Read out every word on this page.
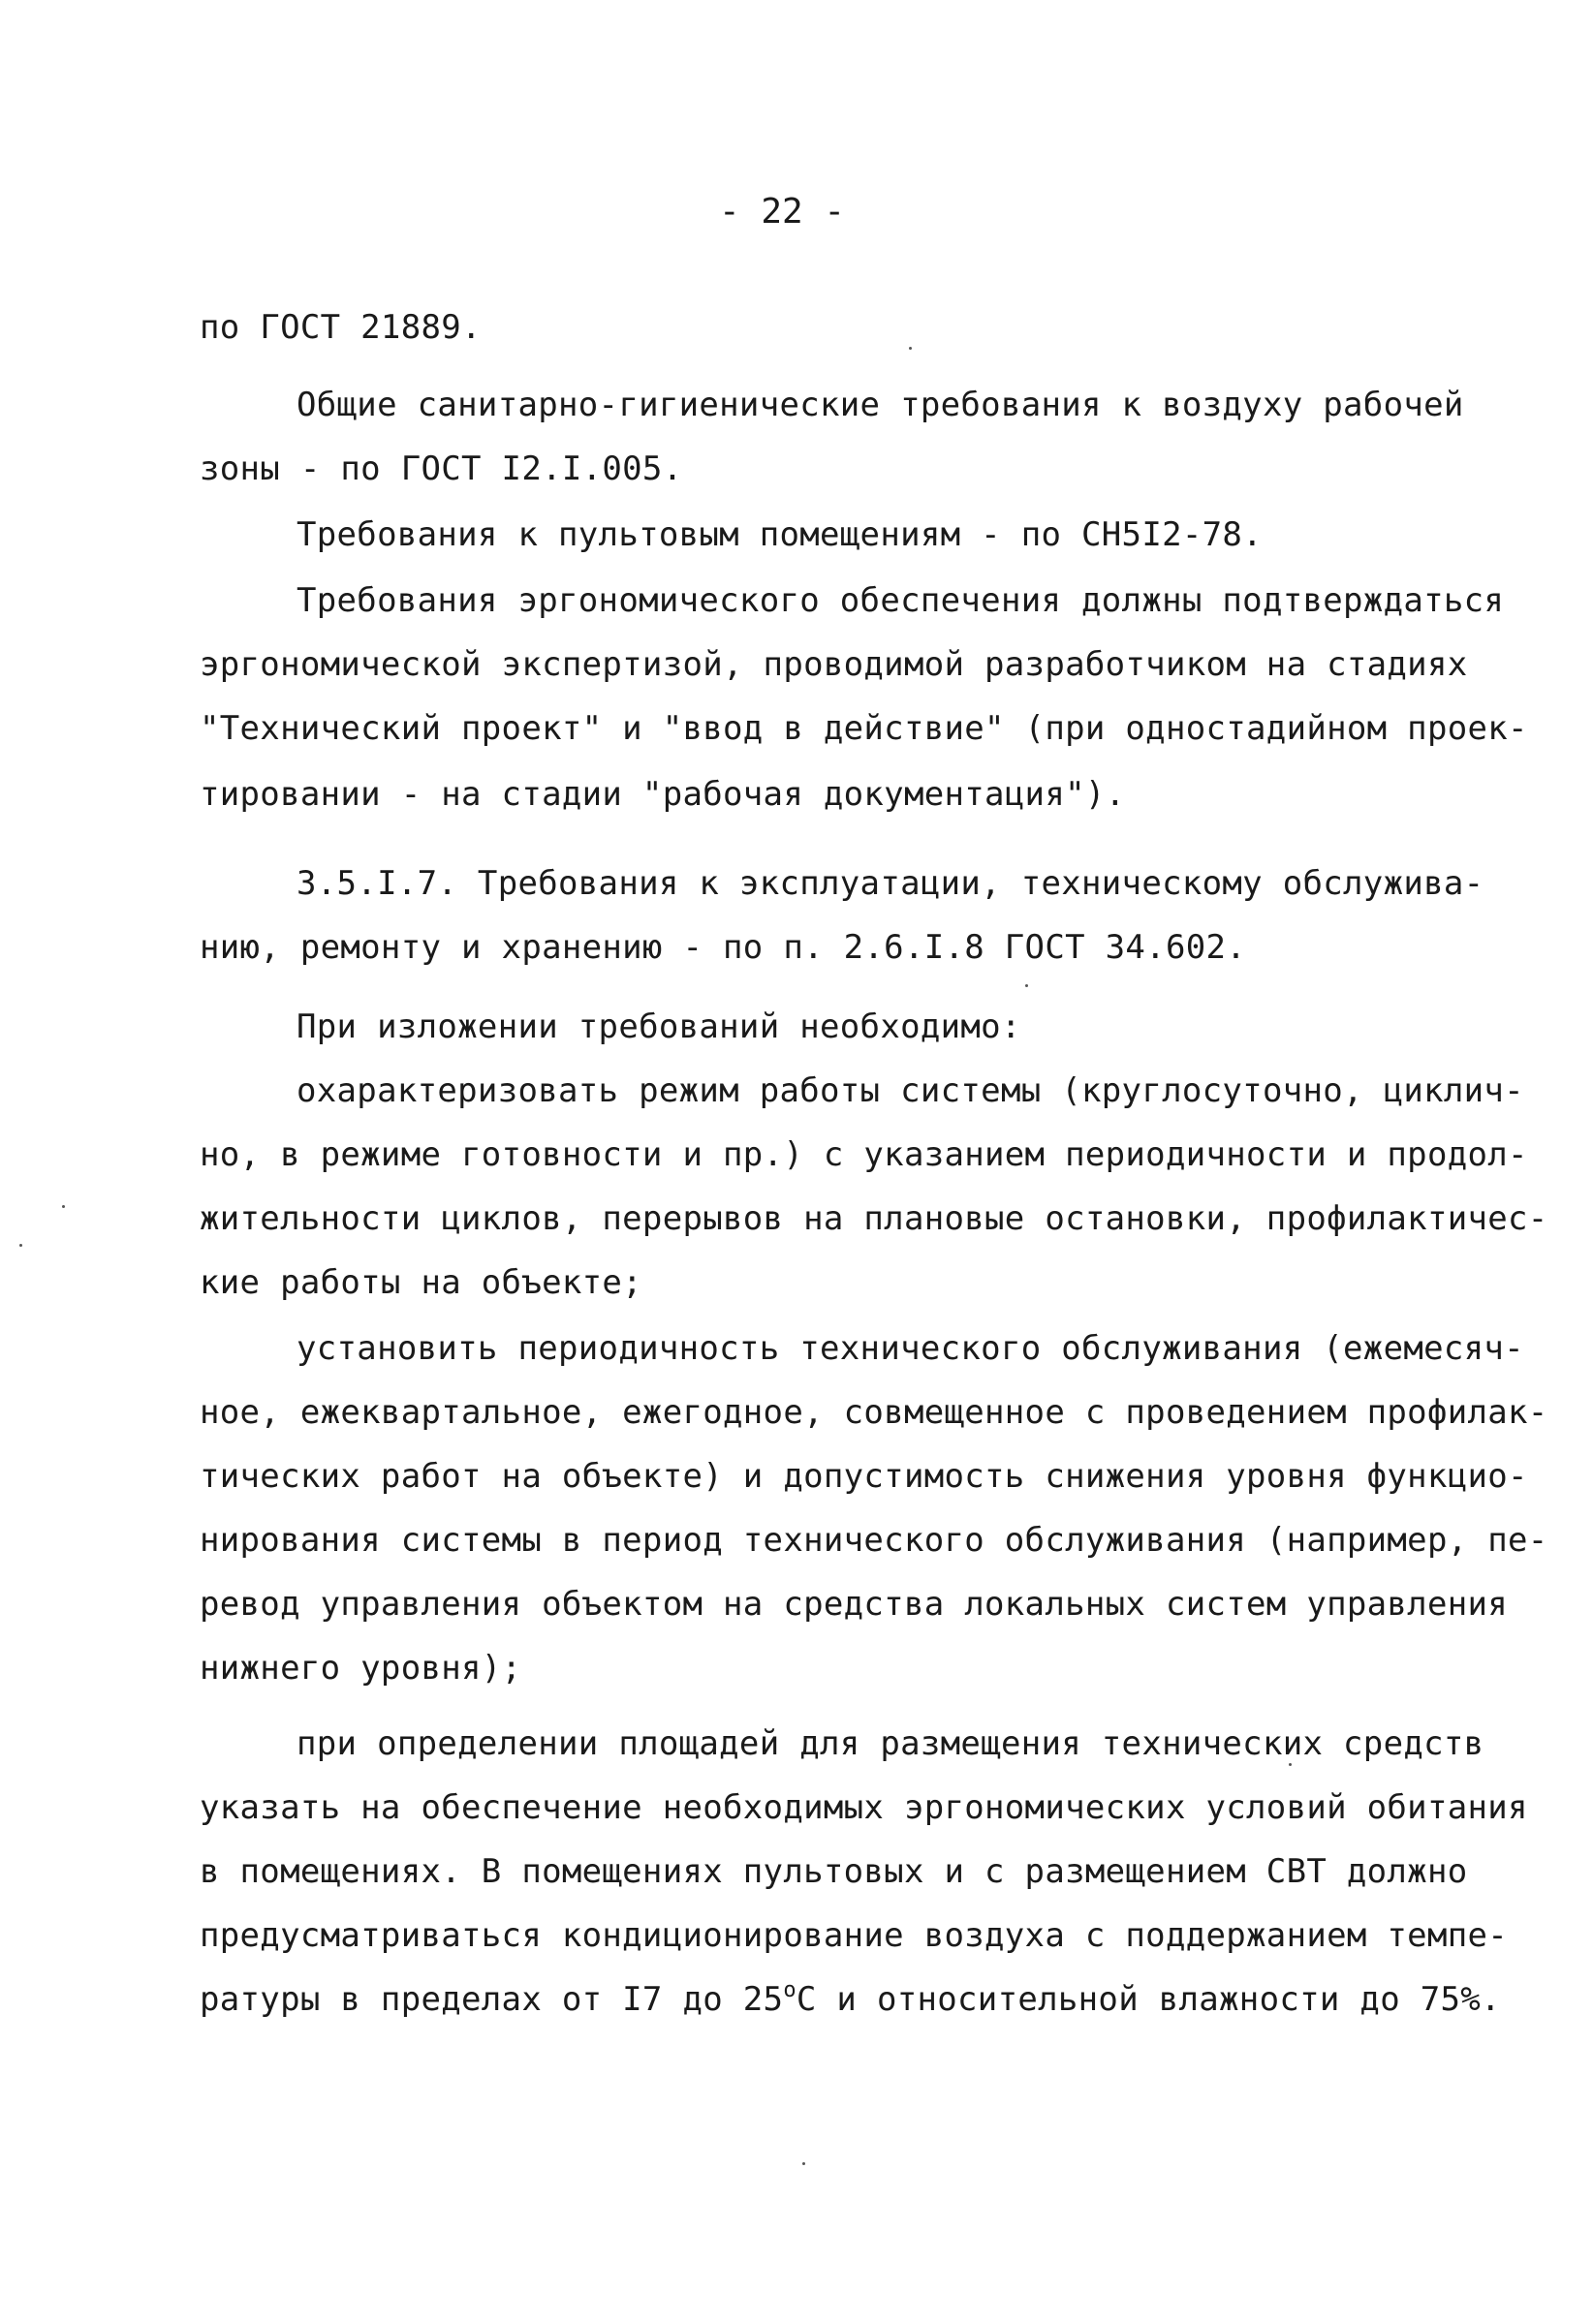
- 22 -
по ГОСТ 21889.
Общие санитарно-гигиенические требования к воздуху рабочей
зоны - по ГОСТ I2.I.005.
Требования к пультовым помещениям - по СН5I2-78.
Требования эргономического обеспечения должны подтверждаться
эргономической экспертизой, проводимой разработчиком на стадиях
"Технический проект" и "ввод в действие" (при одностадийном проек-
тировании - на стадии "рабочая документация").
3.5.I.7. Требования к эксплуатации, техническому обслужива-
нию, ремонту и хранению - по п. 2.6.I.8 ГОСТ 34.602.
При изложении требований необходимо:
охарактеризовать режим работы системы (круглосуточно, циклич-
но, в режиме готовности и пр.) с указанием периодичности и продол-
жительности циклов, перерывов на плановые остановки, профилактичес-
кие работы на объекте;
установить периодичность технического обслуживания (ежемесяч-
ное, ежеквартальное, ежегодное, совмещенное с проведением профилак-
тических работ на объекте) и допустимость снижения уровня функцио-
нирования системы в период технического обслуживания (например, пе-
ревод управления объектом на средства локальных систем управления
нижнего уровня);
при определении площадей для размещения технических средств
указать на обеспечение необходимых эргономических условий обитания
в помещениях. В помещениях пультовых и с размещением СВТ должно
предусматриваться кондиционирование воздуха с поддержанием темпе-
ратуры в пределах от I7 до 25$^o$C и относительной влажности до 75%.
